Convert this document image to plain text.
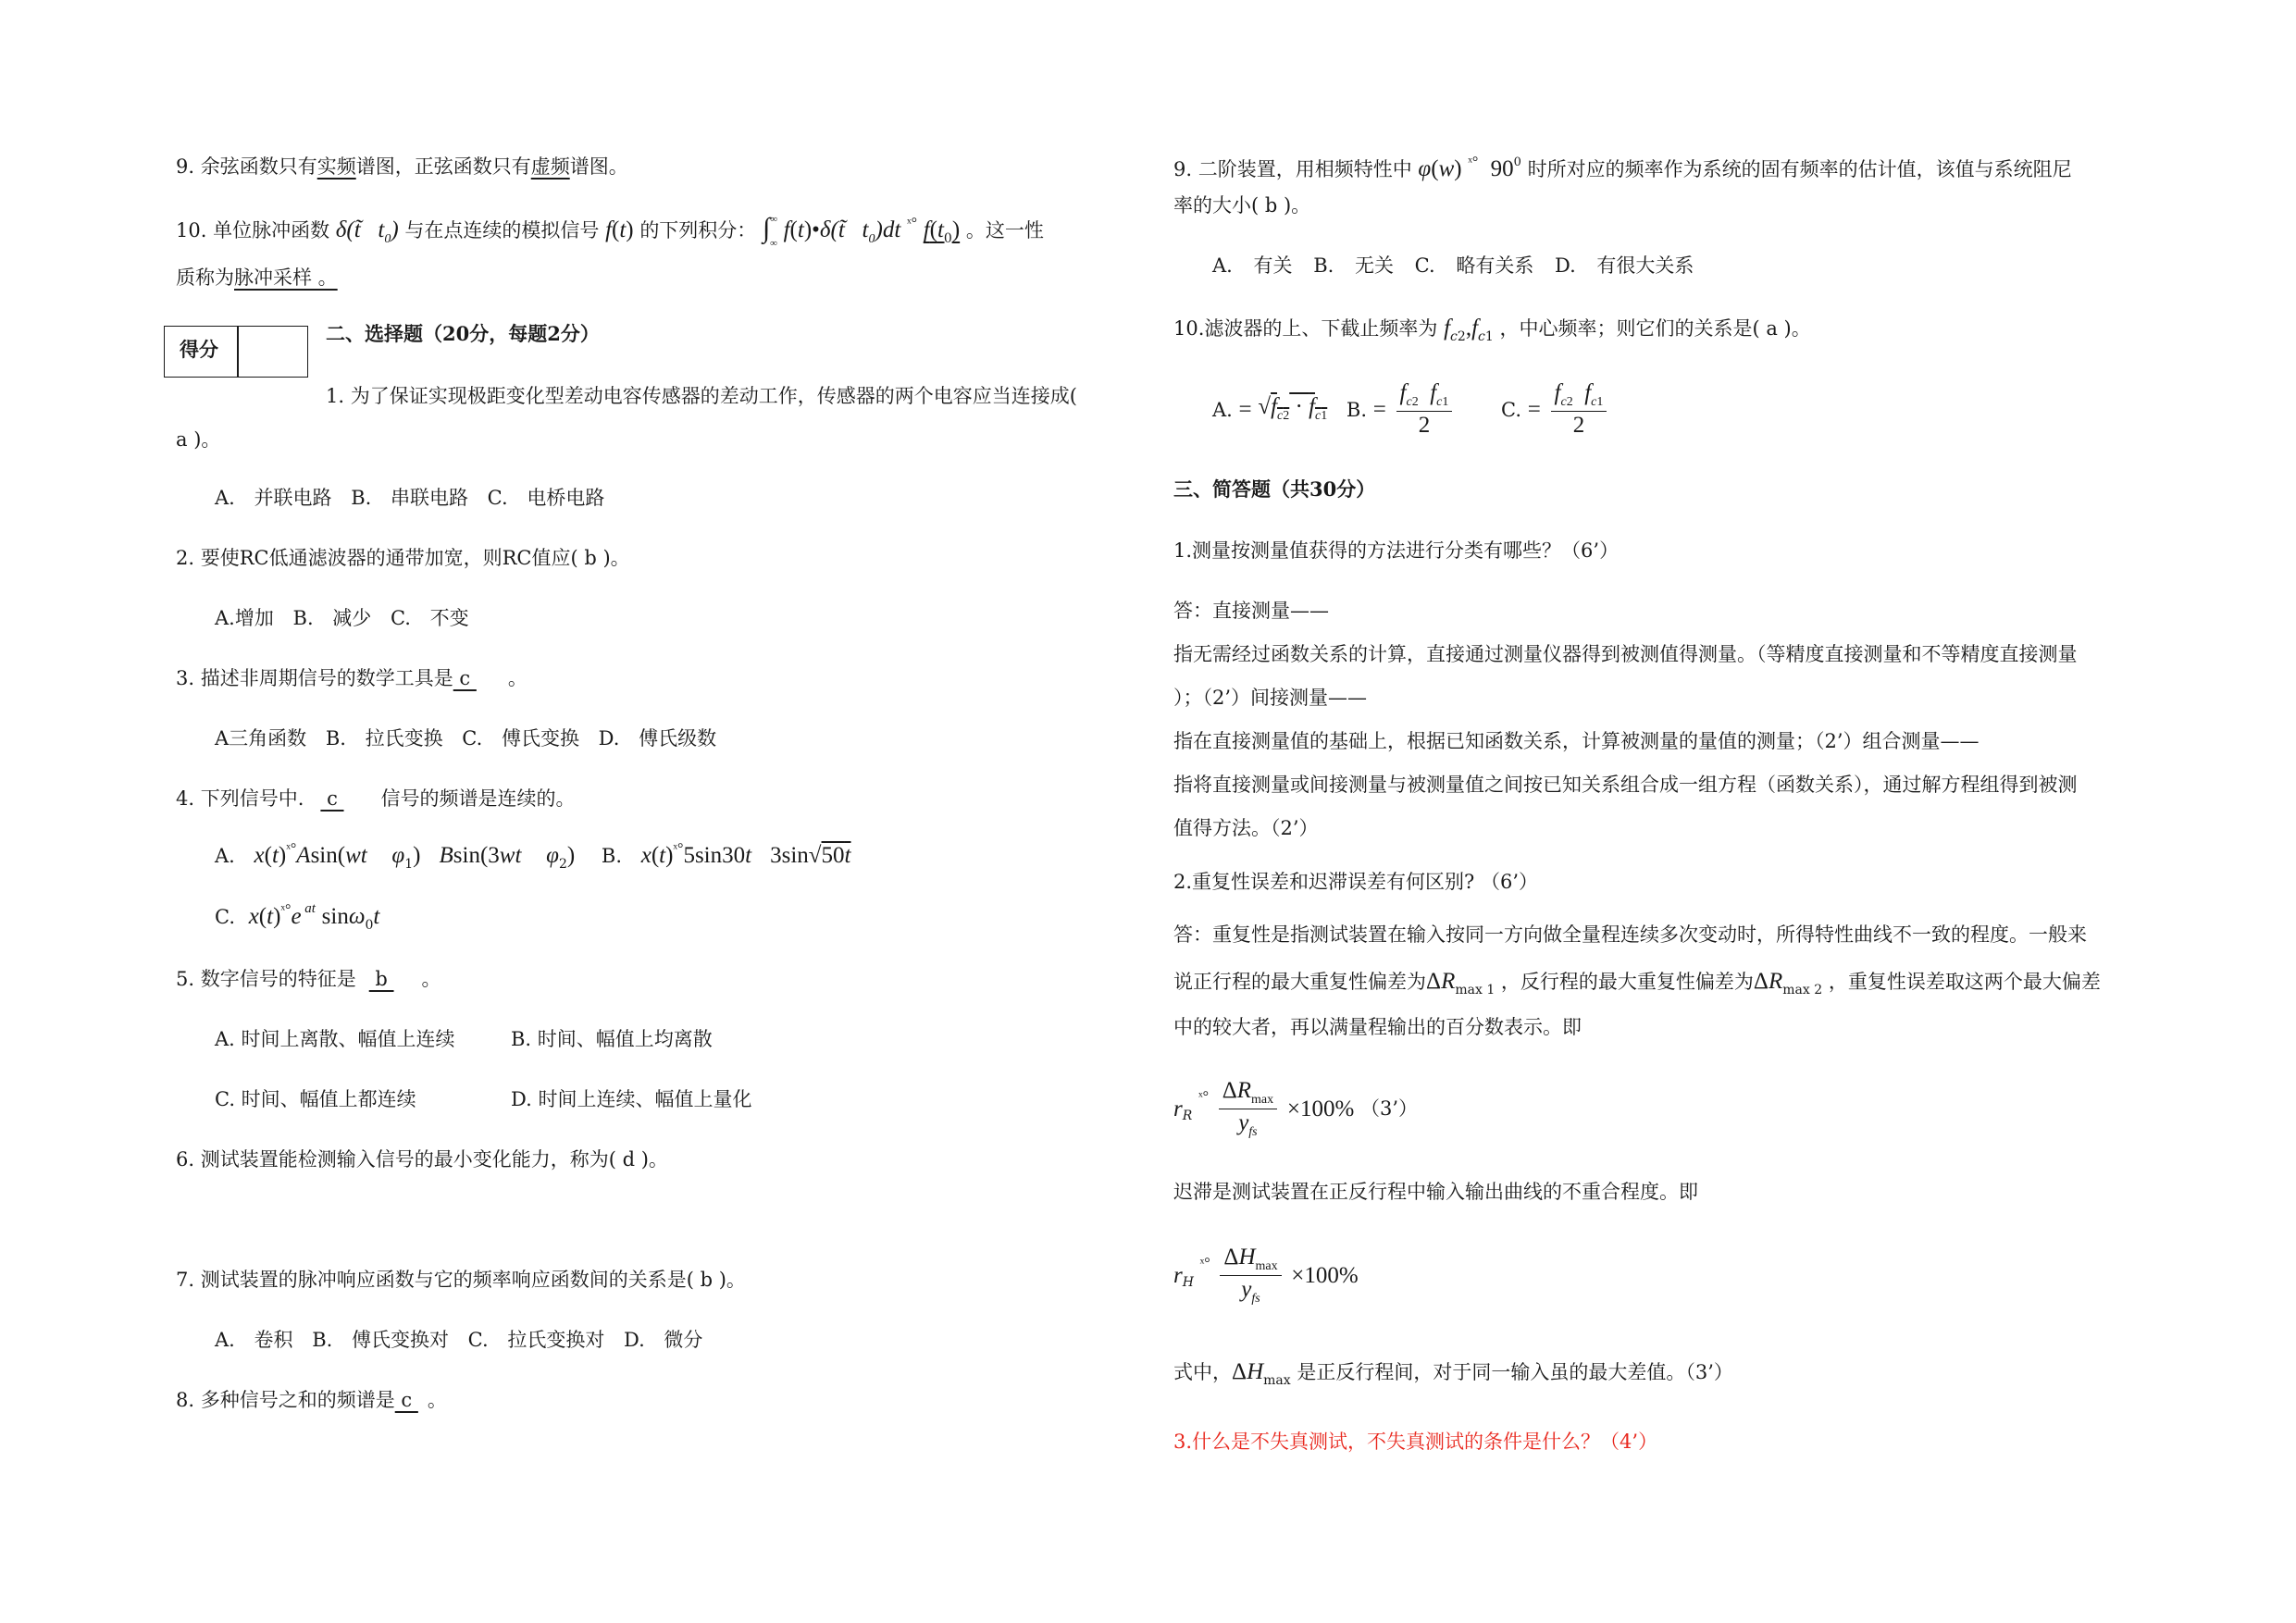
9. 余弦函数只有实频谱图，正弦函数只有虚频谱图。
10. 单位脉冲函数 δ(t̃   $t_0$) 与在点连续的模拟信号 f(t) 的下列积分： $\int^\infty_\infty$ f(t)•δ(t̃   $t_0)dt$ $^{ˣ^\circ}$ $f(t_0)$ 。这一性
质称为脉冲采样 。
得分
二、选择题（20分，每题2分）
1. 为了保证实现极距变化型差动电容传感器的差动工作，传感器的两个电容应当连接成(
a )。
A. 并联电路 B. 串联电路 C. 电桥电路
2. 要使RC低通滤波器的通带加宽，则RC值应( b )。
A.增加 B. 减少 C. 不变
3. 描述非周期信号的数学工具是 c 。
A三角函数 B. 拉氏变换 C. 傅氏变换 D. 傅氏级数
4. 下列信号中. c 信号的频谱是连续的。
A. $x(t)^{ˣ^\circ}Asin(wt$ $\varphi_1$) Bsin(3wt $\varphi_2$) B. $x(t)^{ˣ^\circ}5\sin 30t$ $3\sin√50\overline{t}$
C. $x(t)^{ˣ^\circ}e$ $^{at}$ sinω$_0$t
5. 数字信号的特征是 b 。
A. 时间上离散、幅值上连续	B. 时间、幅值上均离散
C. 时间、幅值上都连续	D. 时间上连续、幅值上量化
6. 测试装置能检测输入信号的最小变化能力，称为( d )。
7. 测试装置的脉冲响应函数与它的频率响应函数间的关系是( b )。
A. 卷积 B. 傅氏变换对 C. 拉氏变换对 D. 微分
8. 多种信号之和的频谱是 c 。
9. 二阶装置，用相频特性中 φ(w) $^{ˣ^\circ}$ $90^0$ 时所对应的频率作为系统的固有频率的估计值，该值与系统阻尼
率的大小( b )。
A. 有关 B. 无关 C. 略有关系 D. 有很大关系
10.滤波器的上、下截止频率为 $f_{c2},f_{c1}$ ，中心频率；则它们的关系是( a )。
A. = $√f_{c2} \cdot f_{c1}$ B. = $\frac{f_{c2} f_{c1}}{2}$	C. = $\frac{f_{c2} f_{c1}}{2}$
三、简答题（共30分）
1.测量按测量值获得的方法进行分类有哪些？（6’）
答：直接测量——
指无需经过函数关系的计算，直接通过测量仪器得到被测值得测量。（等精度直接测量和不等精度直接测量
）；（2’）间接测量——
指在直接测量值的基础上，根据已知函数关系，计算被测量的量值的测量；（2’）组合测量——
指将直接测量或间接测量与被测量值之间按已知关系组合成一组方程（函数关系），通过解方程组得到被测
值得方法。（2’）
2.重复性误差和迟滞误差有何区别? （6’）
答：重复性是指测试装置在输入按同一方向做全量程连续多次变动时，所得特性曲线不一致的程度。一般来
说正行程的最大重复性偏差为$\Delta R_{max 1}$ ，反行程的最大重复性偏差为$\Delta R_{max 2}$ ，重复性误差取这两个最大偏差
中的较大者，再以满量程输出的百分数表示。即
$r_R$ $^{ˣ^\circ} \frac{\Delta R_{max}}{y_{fs}} \times 100\%$ （3’）
迟滞是测试装置在正反行程中输入输出曲线的不重合程度。即
$r_H$ $^{ˣ^\circ} \frac{\Delta H_{max}}{y_{fs}} \times 100\%$
式中，$\Delta H_{max}$ 是正反行程间，对于同一输入虽的最大差值。（3’）
3.什么是不失真测试，不失真测试的条件是什么？（4’）
